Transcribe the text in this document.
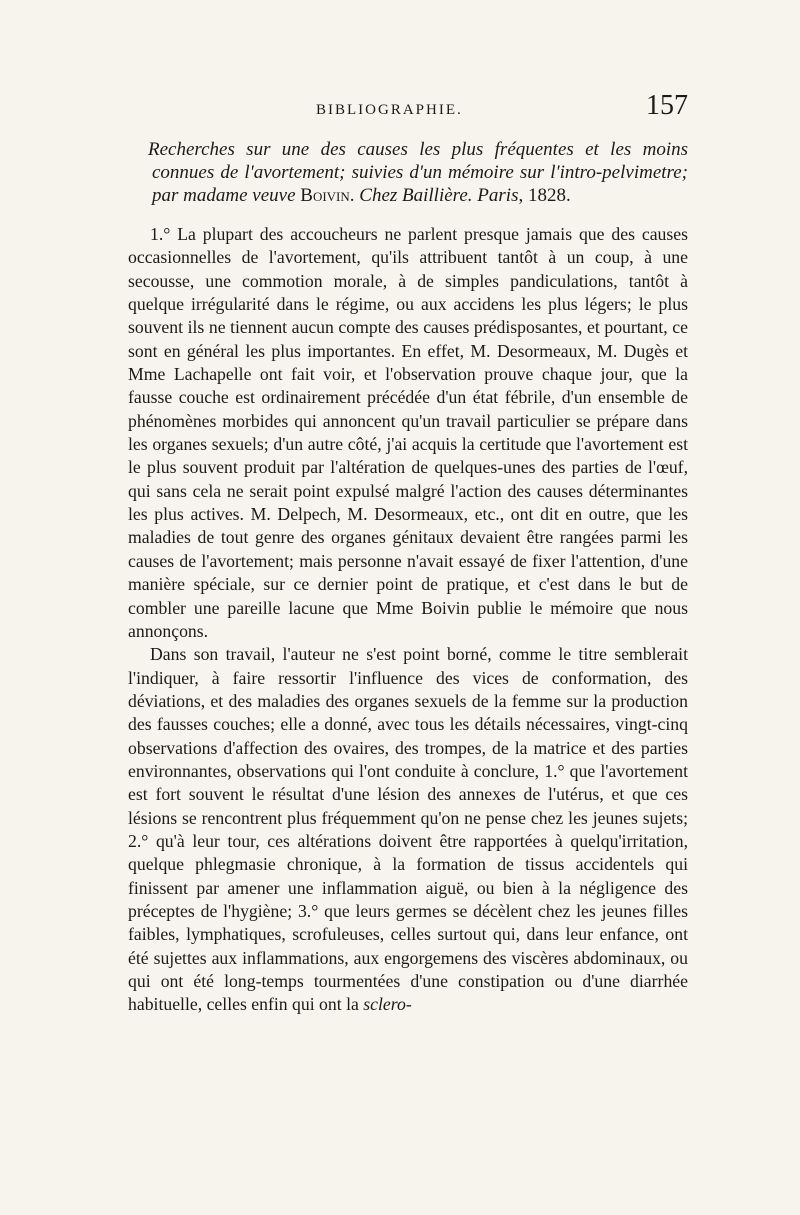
BIBLIOGRAPHIE.	157

Recherches sur une des causes les plus fréquentes et les moins connues de l'avortement; suivies d'un mémoire sur l'intro-pelvimetre; par madame veuve Boivin. Chez Baillière. Paris, 1828.

1.° La plupart des accoucheurs ne parlent presque jamais que des causes occasionnelles de l'avortement, qu'ils attribuent tantôt à un coup, à une secousse, une commotion morale, à de simples pandiculations, tantôt à quelque irrégularité dans le régime, ou aux accidens les plus légers; le plus souvent ils ne tiennent aucun compte des causes prédisposantes, et pourtant, ce sont en général les plus importantes. En effet, M. Desormeaux, M. Dugès et Mme Lachapelle ont fait voir, et l'observation prouve chaque jour, que la fausse couche est ordinairement précédée d'un état fébrile, d'un ensemble de phénomènes morbides qui annoncent qu'un travail particulier se prépare dans les organes sexuels; d'un autre côté, j'ai acquis la certitude que l'avortement est le plus souvent produit par l'altération de quelques-unes des parties de l'œuf, qui sans cela ne serait point expulsé malgré l'action des causes déterminantes les plus actives. M. Delpech, M. Desormeaux, etc., ont dit en outre, que les maladies de tout genre des organes génitaux devaient être rangées parmi les causes de l'avortement; mais personne n'avait essayé de fixer l'attention, d'une manière spéciale, sur ce dernier point de pratique, et c'est dans le but de combler une pareille lacune que Mme Boivin publie le mémoire que nous annonçons.

Dans son travail, l'auteur ne s'est point borné, comme le titre semblerait l'indiquer, à faire ressortir l'influence des vices de conformation, des déviations, et des maladies des organes sexuels de la femme sur la production des fausses couches; elle a donné, avec tous les détails nécessaires, vingt-cinq observations d'affection des ovaires, des trompes, de la matrice et des parties environnantes, observations qui l'ont conduite à conclure, 1.° que l'avortement est fort souvent le résultat d'une lésion des annexes de l'utérus, et que ces lésions se rencontrent plus fréquemment qu'on ne pense chez les jeunes sujets; 2.° qu'à leur tour, ces altérations doivent être rapportées à quelqu'irritation, quelque phlegmasie chronique, à la formation de tissus accidentels qui finissent par amener une inflammation aiguë, ou bien à la négligence des préceptes de l'hygiène; 3.° que leurs germes se décèlent chez les jeunes filles faibles, lymphatiques, scrofuleuses, celles surtout qui, dans leur enfance, ont été sujettes aux inflammations, aux engorgemens des viscères abdominaux, ou qui ont été long-temps tourmentées d'une constipation ou d'une diarrhée habituelle, celles enfin qui ont la sclero-
